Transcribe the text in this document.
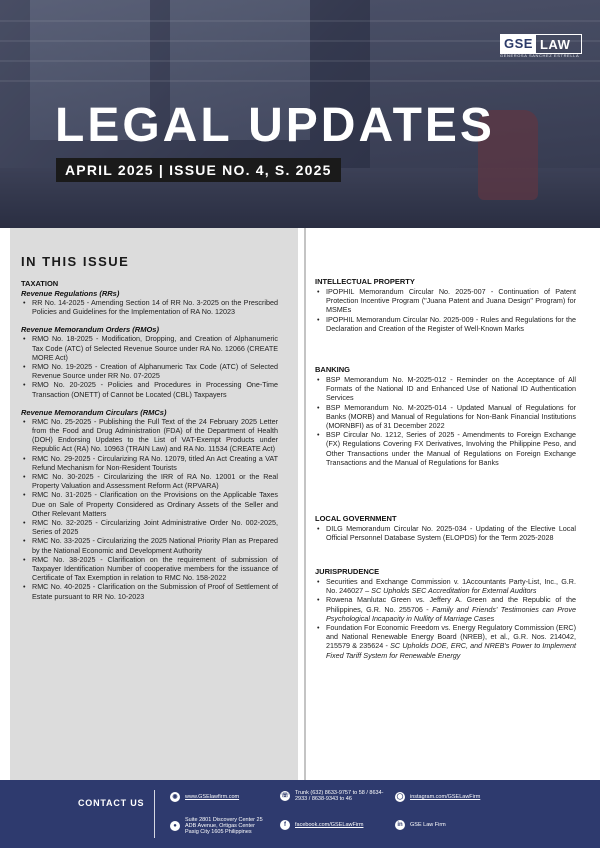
GSE LAW
GENEROSA SANCHEZ ESTRELLA
LEGAL UPDATES
APRIL 2025 | ISSUE NO. 4, S. 2025
IN THIS ISSUE
TAXATION
Revenue Regulations (RRs)
• RR No. 14-2025 - Amending Section 14 of RR No. 3-2025 on the Prescribed Policies and Guidelines for the Implementation of RA No. 12023
Revenue Memorandum Orders (RMOs)
• RMO No. 18-2025 - Modification, Dropping, and Creation of Alphanumeric Tax Code (ATC) of Selected Revenue Source under RA No. 12066 (CREATE MORE Act)
• RMO No. 19-2025 - Creation of Alphanumeric Tax Code (ATC) of Selected Revenue Source under RR No. 07-2025
• RMO No. 20-2025 - Policies and Procedures in Processing One-Time Transaction (ONETT) of Cannot be Located (CBL) Taxpayers
Revenue Memorandum Circulars (RMCs)
• RMC No. 25-2025 - Publishing the Full Text of the 24 February 2025 Letter from the Food and Drug Administration (FDA) of the Department of Health (DOH) Endorsing Updates to the List of VAT-Exempt Products under Republic Act (RA) No. 10963 (TRAIN Law) and RA No. 11534 (CREATE Act)
• RMC No. 29-2025 - Circularizing RA No. 12079, titled An Act Creating a VAT Refund Mechanism for Non-Resident Tourists
• RMC No. 30-2025 - Circularizing the IRR of RA No. 12001 or the Real Property Valuation and Assessment Reform Act (RPVARA)
• RMC No. 31-2025 - Clarification on the Provisions on the Applicable Taxes Due on Sale of Property Considered as Ordinary Assets of the Seller and Other Relevant Matters
• RMC No. 32-2025 - Circularizing Joint Administrative Order No. 002-2025, Series of 2025
• RMC No. 33-2025 - Circularizing the 2025 National Priority Plan as Prepared by the National Economic and Development Authority
• RMC No. 38-2025 - Clarification on the requirement of submission of Taxpayer Identification Number of cooperative members for the issuance of Certificate of Tax Exemption in relation to RMC No. 158-2022
• RMC No. 40-2025 - Clarification on the Submission of Proof of Settlement of Estate pursuant to RR No. 10-2023
INTELLECTUAL PROPERTY
• IPOPHIL Memorandum Circular No. 2025-007 - Continuation of Patent Protection Incentive Program ("Juana Patent and Juana Design" Program) for MSMEs
• IPOPHIL Memorandum Circular No. 2025-009 - Rules and Regulations for the Declaration and Creation of the Register of Well-Known Marks
BANKING
• BSP Memorandum No. M-2025-012 - Reminder on the Acceptance of All Formats of the National ID and Enhanced Use of National ID Authentication Services
• BSP Memorandum No. M-2025-014 - Updated Manual of Regulations for Banks (MORB) and Manual of Regulations for Non-Bank Financial Institutions (MORNBFI) as of 31 December 2022
• BSP Circular No. 1212, Series of 2025 - Amendments to Foreign Exchange (FX) Regulations Covering FX Derivatives, Involving the Philippine Peso, and Other Transactions under the Manual of Regulations on Foreign Exchange Transactions and the Manual of Regulations for Banks
LOCAL GOVERNMENT
• DILG Memorandum Circular No. 2025-034 - Updating of the Elective Local Official Personnel Database System (ELOPDS) for the Term 2025-2028
JURISPRUDENCE
• Securities and Exchange Commission v. 1Accountants Party-List, Inc., G.R. No. 246027 – SC Upholds SEC Accreditation for External Auditors
• Rowena Manlutac Green vs. Jeffery A. Green and the Republic of the Philippines, G.R. No. 255706 - Family and Friends' Testimonies can Prove Psychological Incapacity in Nullity of Marriage Cases
• Foundation For Economic Freedom vs. Energy Regulatory Commission (ERC) and National Renewable Energy Board (NREB), et al., G.R. Nos. 214042, 215579 & 235624 - SC Upholds DOE, ERC, and NREB's Power to Implement Fixed Tariff System for Renewable Energy
CONTACT US
◉	www.GSElawfirm.com
●
Suite 2801 Discovery Center 25 ADB Avenue, Ortigas Center Pasig City 1605 Philippines
☏ Trunk (632) 8633-9757 to 58 / 8634-2933 / 8638-9343 to 46
f	facebook.com/GSELawFirm
◯ instagram.com/GSELawFirm
in	GSE Law Firm
